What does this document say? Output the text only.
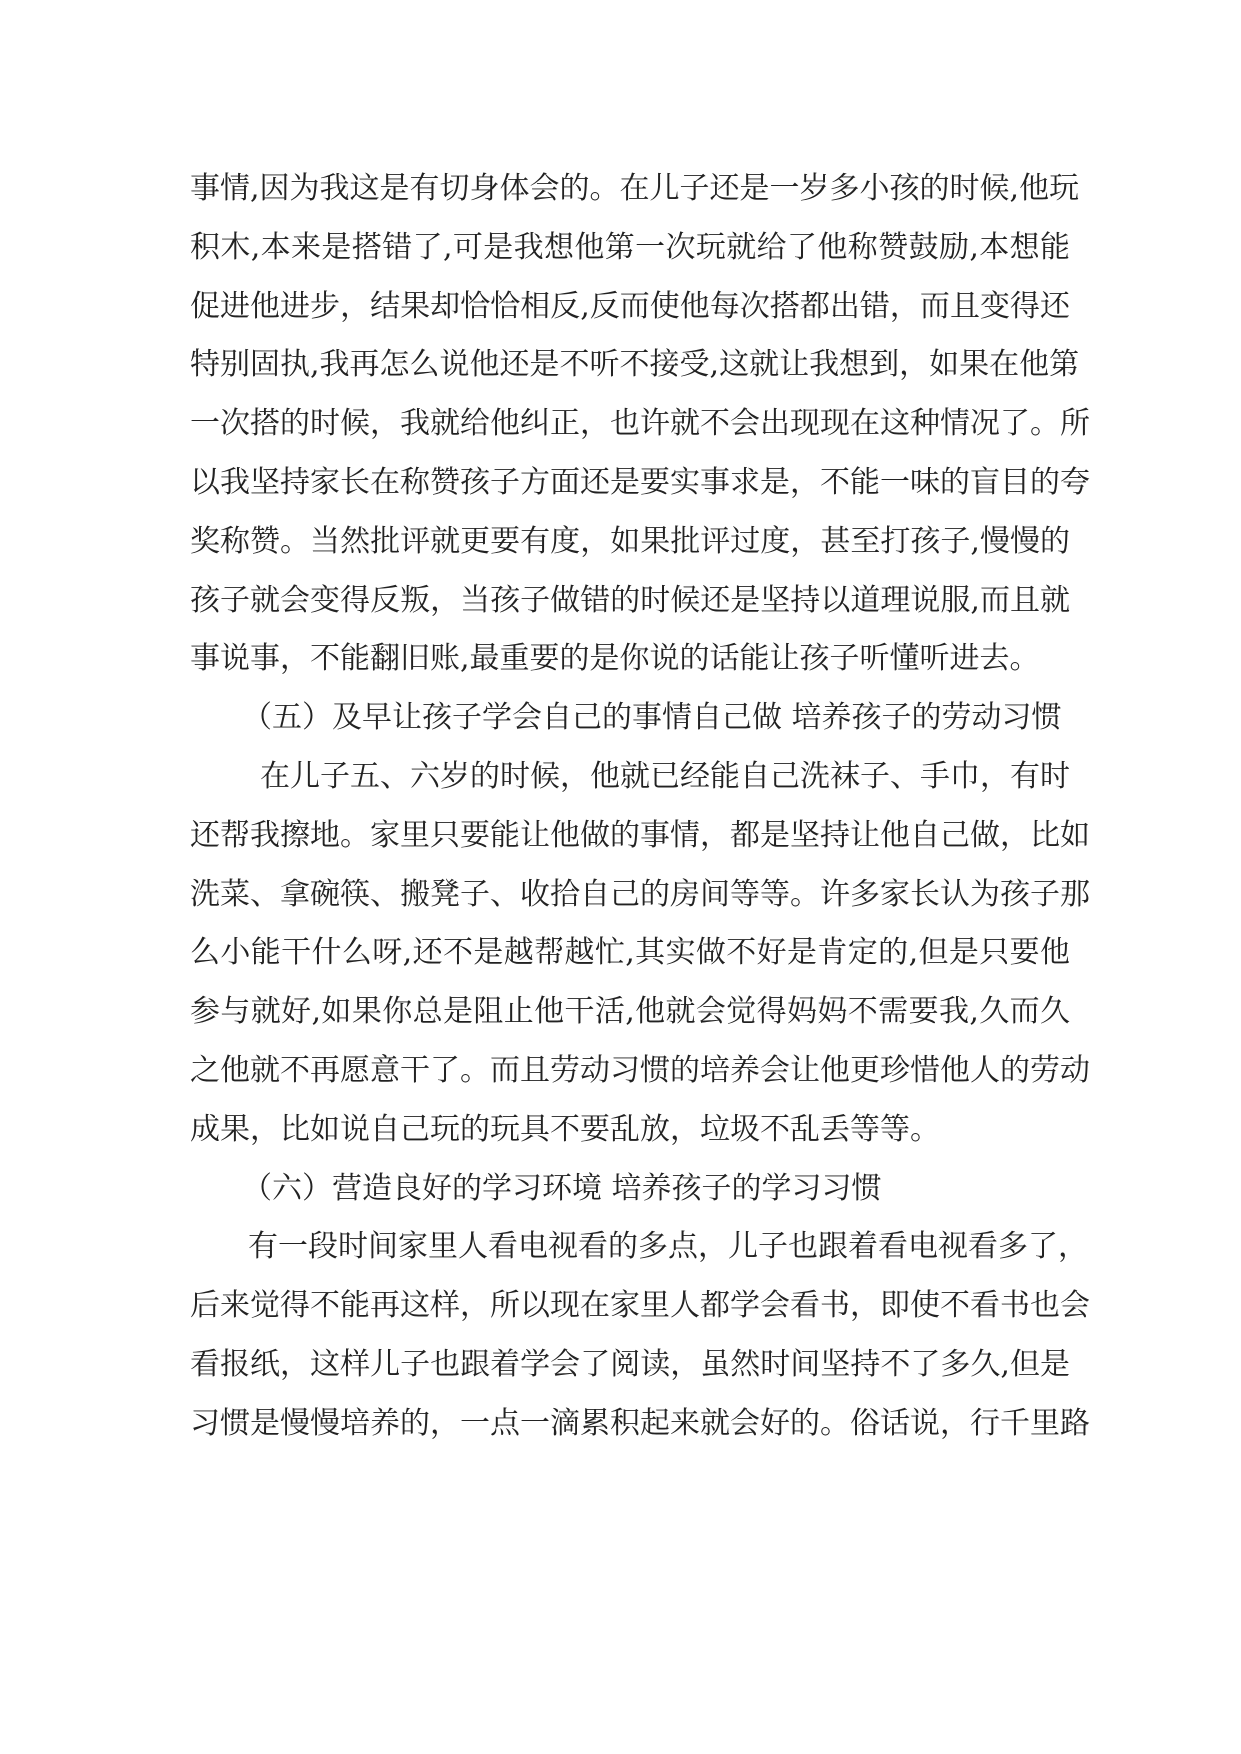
事情,因为我这是有切身体会的。在儿子还是一岁多小孩的时候,他玩
积木,本来是搭错了,可是我想他第一次玩就给了他称赞鼓励,本想能
促进他进步，结果却恰恰相反,反而使他每次搭都出错，而且变得还
特别固执,我再怎么说他还是不听不接受,这就让我想到，如果在他第
一次搭的时候，我就给他纠正，也许就不会出现现在这种情况了。所
以我坚持家长在称赞孩子方面还是要实事求是，不能一味的盲目的夸
奖称赞。当然批评就更要有度，如果批评过度，甚至打孩子,慢慢的
孩子就会变得反叛，当孩子做错的时候还是坚持以道理说服,而且就
事说事，不能翻旧账,最重要的是你说的话能让孩子听懂听进去。
（五）及早让孩子学会自己的事情自己做 培养孩子的劳动习惯
在儿子五、六岁的时候，他就已经能自己洗袜子、手巾，有时
还帮我擦地。家里只要能让他做的事情，都是坚持让他自己做，比如
洗菜、拿碗筷、搬凳子、收拾自己的房间等等。许多家长认为孩子那
么小能干什么呀,还不是越帮越忙,其实做不好是肯定的,但是只要他
参与就好,如果你总是阻止他干活,他就会觉得妈妈不需要我,久而久
之他就不再愿意干了。而且劳动习惯的培养会让他更珍惜他人的劳动
成果，比如说自己玩的玩具不要乱放，垃圾不乱丢等等。
（六）营造良好的学习环境 培养孩子的学习习惯
有一段时间家里人看电视看的多点，儿子也跟着看电视看多了，
后来觉得不能再这样，所以现在家里人都学会看书，即使不看书也会
看报纸，这样儿子也跟着学会了阅读，虽然时间坚持不了多久,但是
习惯是慢慢培养的，一点一滴累积起来就会好的。俗话说，行千里路
